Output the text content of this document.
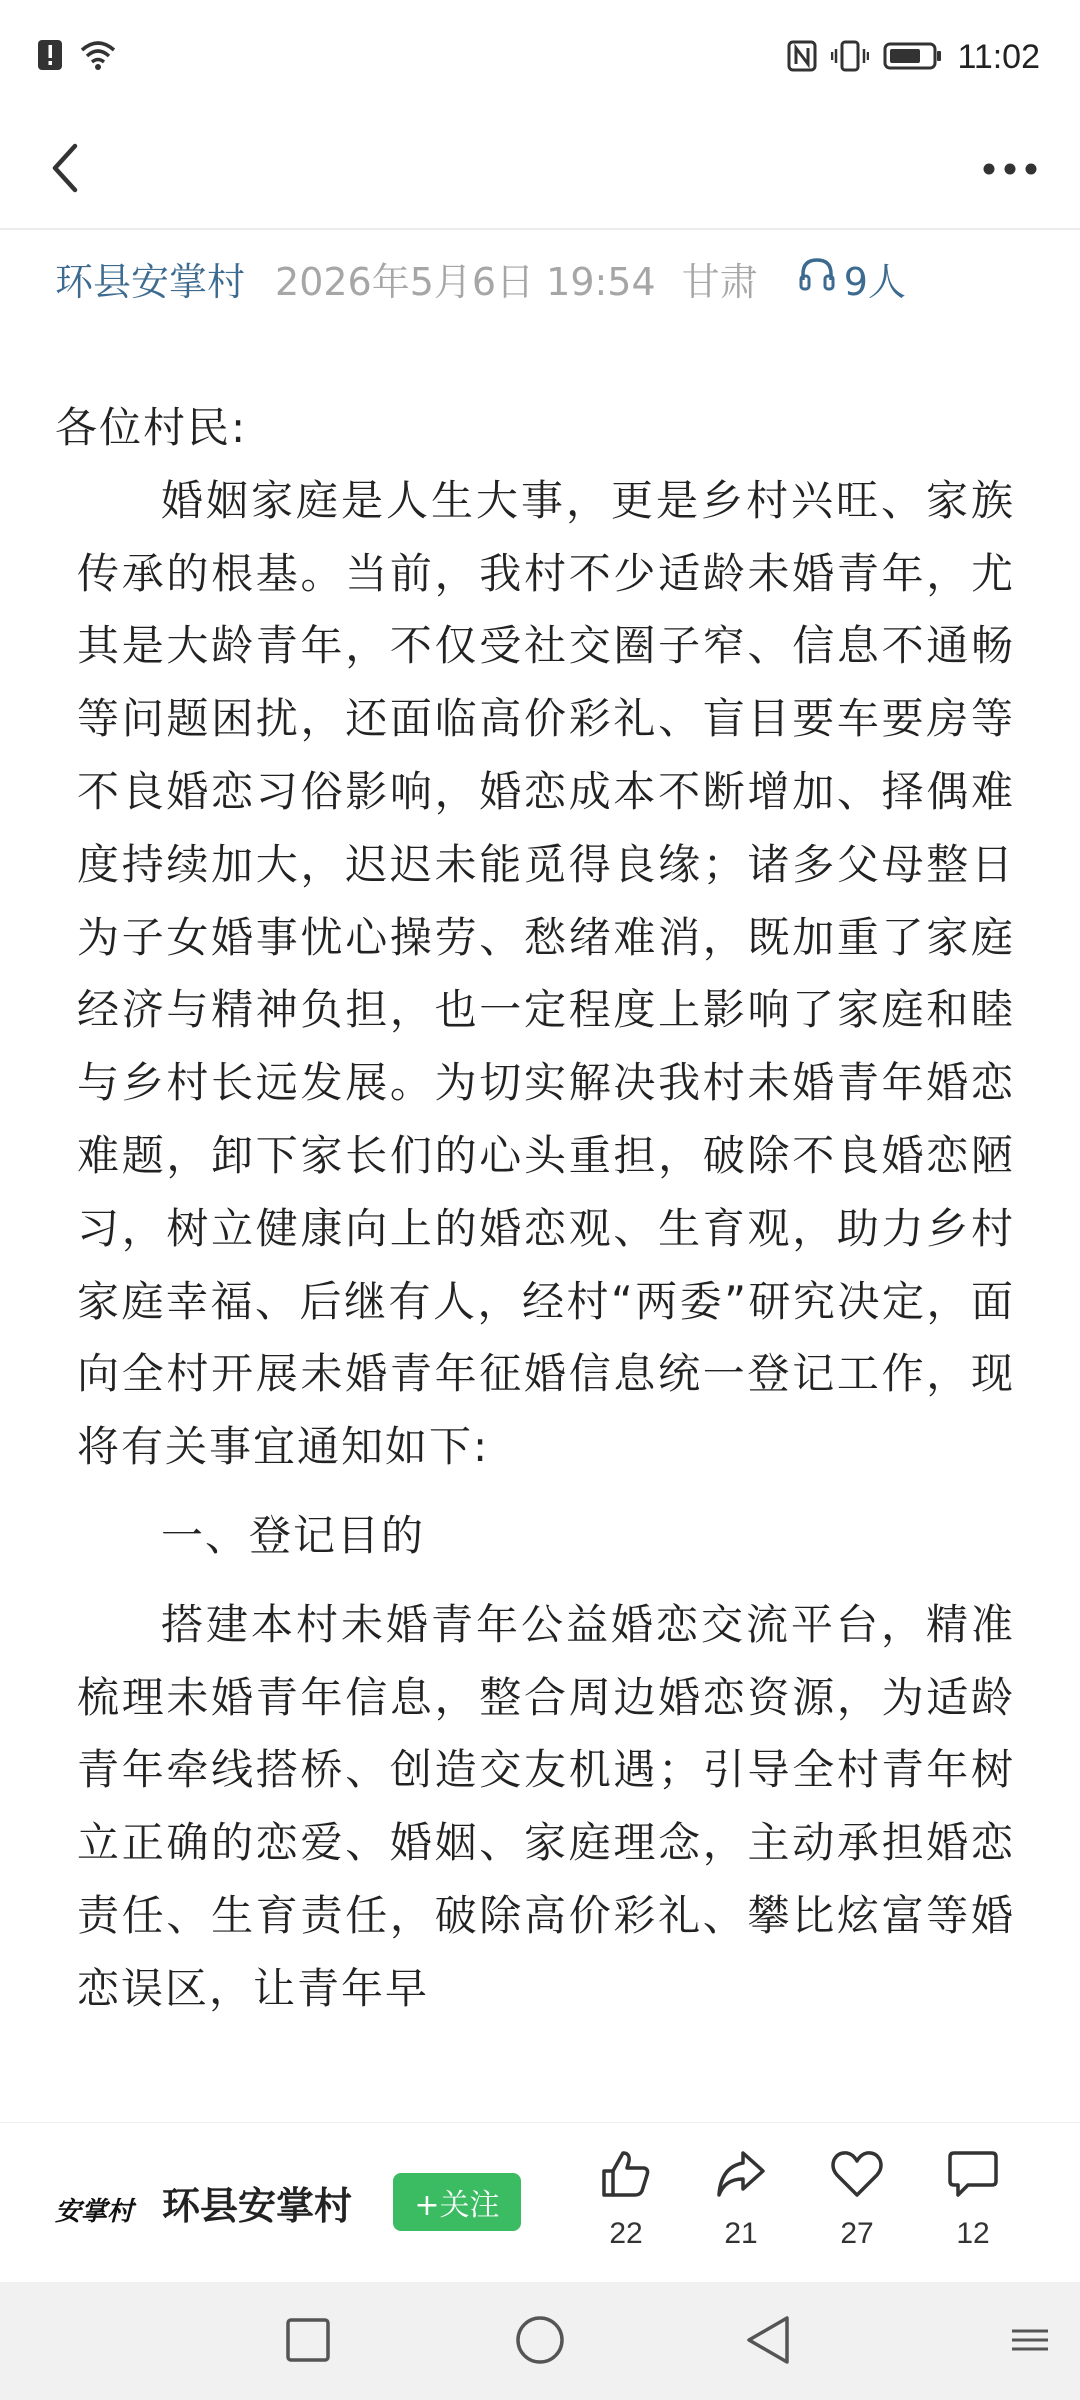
11:02
环县安掌村 2026年5月6日 19:54 甘肃 9人

各位村民:

婚姻家庭是人生大事，更是乡村兴旺、家族传承的根基。当前，我村不少适龄未婚青年，尤其是大龄青年，不仅受社交圈子窄、信息不通畅等问题困扰，还面临高价彩礼、盲目要车要房等不良婚恋习俗影响，婚恋成本不断增加、择偶难度持续加大，迟迟未能觅得良缘；诸多父母整日为子女婚事忧心操劳、愁绪难消，既加重了家庭经济与精神负担，也一定程度上影响了家庭和睦与乡村长远发展。为切实解决我村未婚青年婚恋难题，卸下家长们的心头重担，破除不良婚恋陋习，树立健康向上的婚恋观、生育观，助力乡村家庭幸福、后继有人，经村“两委”研究决定，面向全村开展未婚青年征婚信息统一登记工作，现将有关事宜通知如下:

一、登记目的

搭建本村未婚青年公益婚恋交流平台，精准梳理未婚青年信息，整合周边婚恋资源，为适龄青年牵线搭桥、创造交友机遇；引导全村青年树立正确的恋爱、婚姻、家庭理念，主动承担婚恋责任、生育责任，破除高价彩礼、攀比炫富等婚恋误区，让青年早

安掌村 环县安掌村	+关注
22	21	27	12
